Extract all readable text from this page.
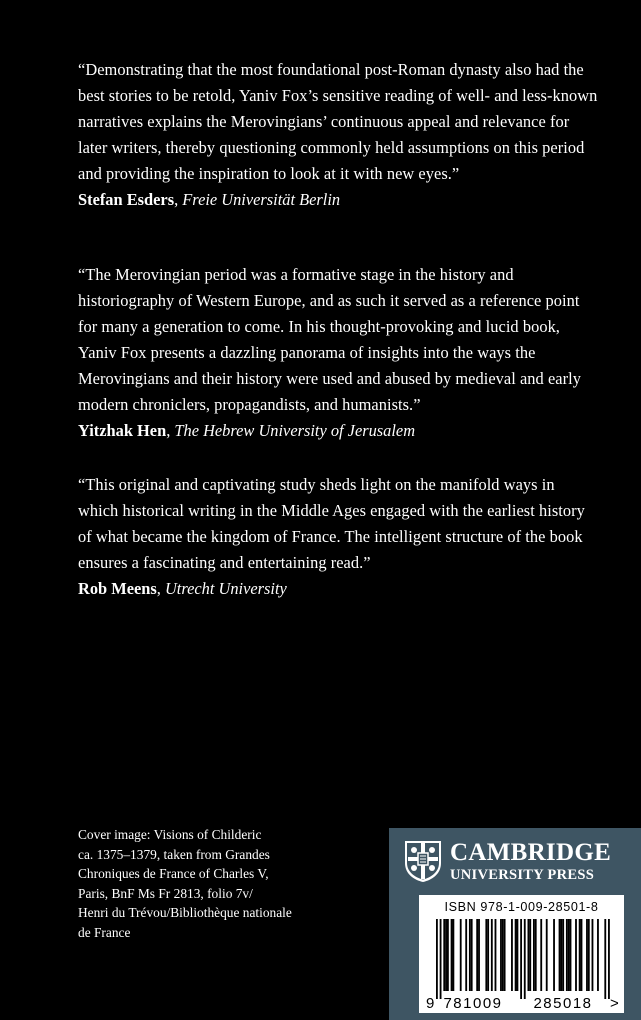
“Demonstrating that the most foundational post-Roman dynasty also had the best stories to be retold, Yaniv Fox’s sensitive reading of well- and less-known narratives explains the Merovingians’ continuous appeal and relevance for later writers, thereby questioning commonly held assumptions on this period and providing the inspiration to look at it with new eyes.”

Stefan Esders, Freie Universität Berlin

“The Merovingian period was a formative stage in the history and historiography of Western Europe, and as such it served as a reference point for many a generation to come. In his thought-provoking and lucid book, Yaniv Fox presents a dazzling panorama of insights into the ways the Merovingians and their history were used and abused by medieval and early modern chroniclers, propagandists, and humanists.”

Yitzhak Hen, The Hebrew University of Jerusalem

“This original and captivating study sheds light on the manifold ways in which historical writing in the Middle Ages engaged with the earliest history of what became the kingdom of France. The intelligent structure of the book ensures a fascinating and entertaining read.”

Rob Meens, Utrecht University

Cover image: Visions of Childeric
ca. 1375–1379, taken from Grandes
Chroniques de France of Charles V,
Paris, BnF Ms Fr 2813, folio 7v/
Henri du Trévou/Bibliothèque nationale
de France

CAMBRIDGE
UNIVERSITY PRESS
ISBN 978-1-009-28501-8
9 781009 285018 >
